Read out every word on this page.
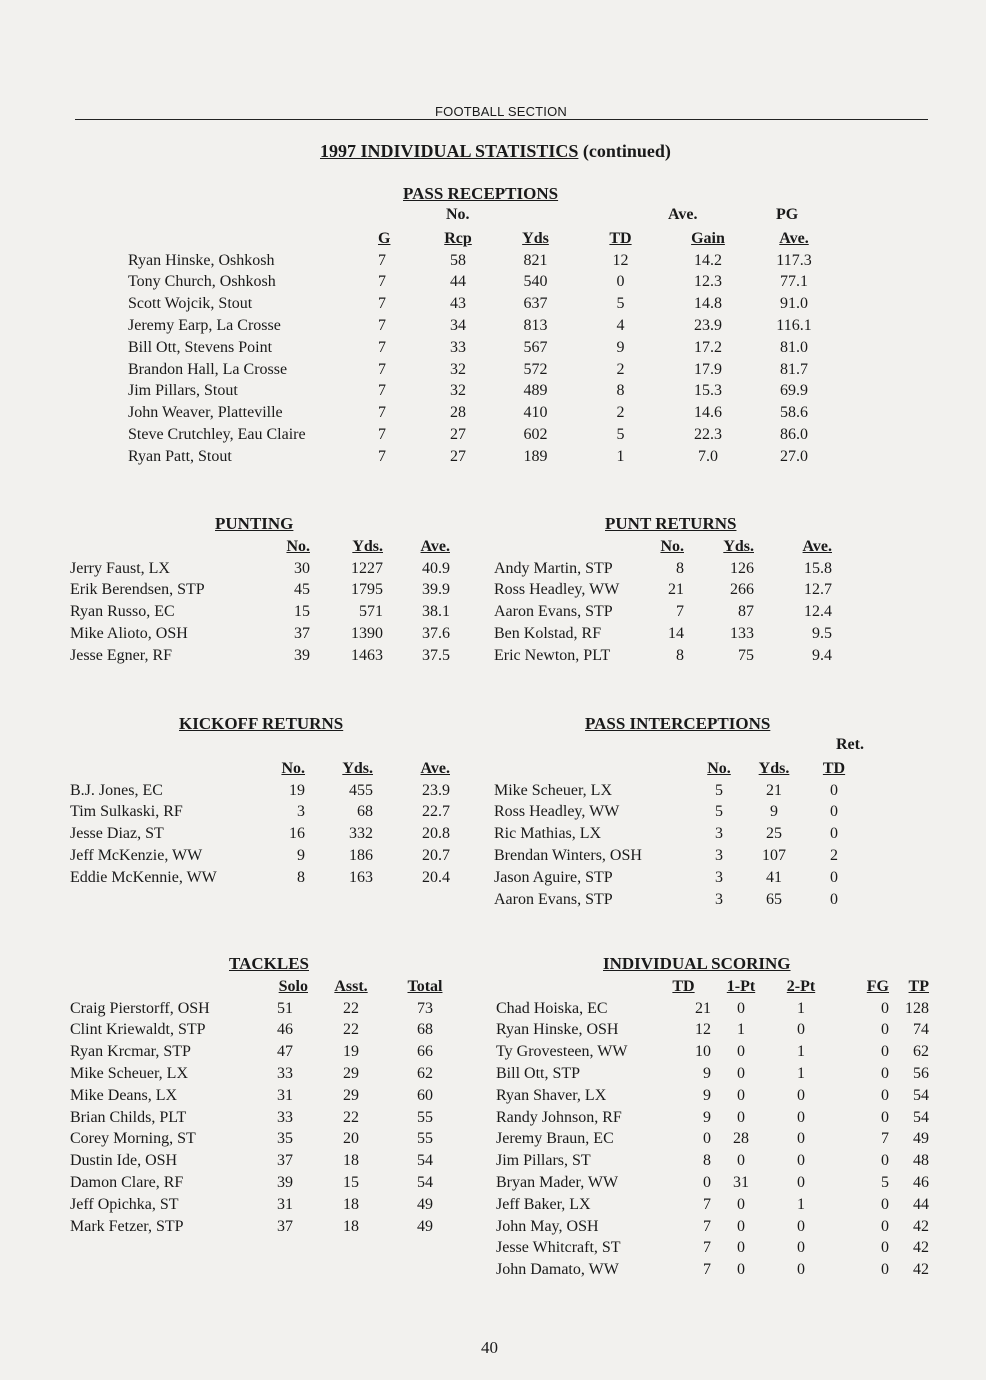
FOOTBALL SECTION
1997 INDIVIDUAL STATISTICS (continued)
PASS RECEPTIONS
No.	Ave.	PG
	G	Rcp	Yds	TD	Gain	Ave.
Ryan Hinske, Oshkosh	7	58	821	12	14.2	117.3
Tony Church, Oshkosh	7	44	540	0	12.3	77.1
Scott Wojcik, Stout	7	43	637	5	14.8	91.0
Jeremy Earp, La Crosse	7	34	813	4	23.9	116.1
Bill Ott, Stevens Point	7	33	567	9	17.2	81.0
Brandon Hall, La Crosse	7	32	572	2	17.9	81.7
Jim Pillars, Stout	7	32	489	8	15.3	69.9
John Weaver, Platteville	7	28	410	2	14.6	58.6
Steve Crutchley, Eau Claire	7	27	602	5	22.3	86.0
Ryan Patt, Stout	7	27	189	1	7.0	27.0
PUNTING
	No.	Yds.	Ave.
Jerry Faust, LX	30	1227	40.9
Erik Berendsen, STP	45	1795	39.9
Ryan Russo, EC	15	571	38.1
Mike Alioto, OSH	37	1390	37.6
Jesse Egner, RF	39	1463	37.5
PUNT RETURNS
	No.	Yds.	Ave.
Andy Martin, STP	8	126	15.8
Ross Headley, WW	21	266	12.7
Aaron Evans, STP	7	87	12.4
Ben Kolstad, RF	14	133	9.5
Eric Newton, PLT	8	75	9.4
KICKOFF RETURNS
	No.	Yds.	Ave.
B.J. Jones, EC	19	455	23.9
Tim Sulkaski, RF	3	68	22.7
Jesse Diaz, ST	16	332	20.8
Jeff McKenzie, WW	9	186	20.7
Eddie McKennie, WW	8	163	20.4
PASS INTERCEPTIONS
Ret.
	No.	Yds.	TD
Mike Scheuer, LX	5	21	0
Ross Headley, WW	5	9	0
Ric Mathias, LX	3	25	0
Brendan Winters, OSH	3	107	2
Jason Aguire, STP	3	41	0
Aaron Evans, STP	3	65	0
TACKLES
	Solo	Asst.	Total
Craig Pierstorff, OSH	51	22	73
Clint Kriewaldt, STP	46	22	68
Ryan Krcmar, STP	47	19	66
Mike Scheuer, LX	33	29	62
Mike Deans, LX	31	29	60
Brian Childs, PLT	33	22	55
Corey Morning, ST	35	20	55
Dustin Ide, OSH	37	18	54
Damon Clare, RF	39	15	54
Jeff Opichka, ST	31	18	49
Mark Fetzer, STP	37	18	49
INDIVIDUAL SCORING
	TD	1-Pt	2-Pt	FG	TP
Chad Hoiska, EC	21	0	1	0	128
Ryan Hinske, OSH	12	1	0	0	74
Ty Grovesteen, WW	10	0	1	0	62
Bill Ott, STP	9	0	1	0	56
Ryan Shaver, LX	9	0	0	0	54
Randy Johnson, RF	9	0	0	0	54
Jeremy Braun, EC	0	28	0	7	49
Jim Pillars, ST	8	0	0	0	48
Bryan Mader, WW	0	31	0	5	46
Jeff Baker, LX	7	0	1	0	44
John May, OSH	7	0	0	0	42
Jesse Whitcraft, ST	7	0	0	0	42
John Damato, WW	7	0	0	0	42
40
